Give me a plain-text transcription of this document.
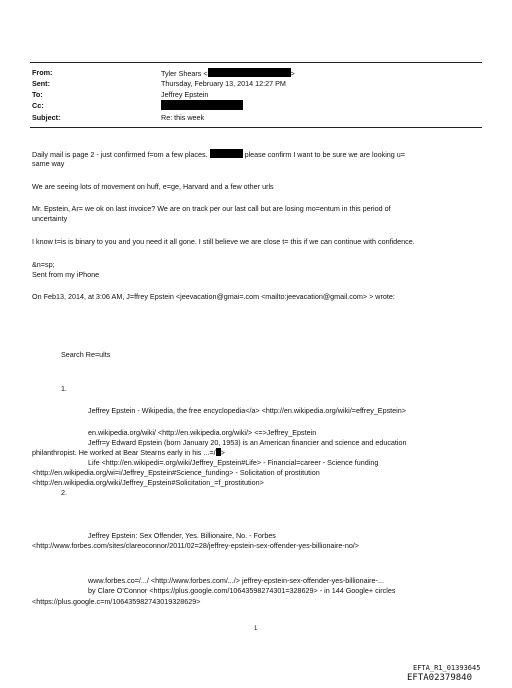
From:	Tyler Shears <	>
Sent:	Thursday, February 13, 2014 12:27 PM
To:	Jeffrey Epstein
Cc:
Subject:	Re: this week
Daily mail is page 2 - just confirmed f=om a few places.	please confirm I want to be sure we are looking u=
same way
We are seeing lots of movement on huff, e=ge, Harvard and a few other urls
Mr. Epstein, Ar= we ok on last invoice? We are on track per our last call but are losing mo=entum in this period of
uncertainty
I know t=is is binary to you and you need it all gone. I still believe we are close t= this if we can continue with confidence.
&n=sp;
Sent from my iPhone
On Feb13, 2014, at 3:06 AM, J=ffrey Epstein <jeevacation@gmai=.com <mailto:jeevacation@gmail.com> > wrote:
Search Re=ults
1.
Jeffrey Epstein - Wikipedia, the free encyclopedia</a> <http://en.wikipedia.org/wiki/=effrey_Epstein>
en.wikipedia.org/wiki/ <http://en.wikipedia.org/wiki/> <=>Jeffrey_Epstein
Jeffr=y Edward Epstein (born January 20, 1953) is an American financier and science and education
philanthropist. He worked at Bear Stearns early in his ...=/ >
Life <http://en.wikipedi=.org/wiki/Jeffrey_Epstein#Life> - Financial=career - Science funding
<http://en.wikipedia.org/wi=i/Jeffrey_Epstein#Science_funding> - Solicitation of prostitution
<http://en.wikipedia.org/wiki/Jeffrey_Epstein#Solicitation_=f_prostitution>
2.
Jeffrey Epstein: Sex Offender, Yes. Billionaire, No. - Forbes
<http://www.forbes.com/sites/clareoconnor/2011/02=28/jeffrey-epstein-sex-offender-yes-billionaire-no/>
www.forbes.co=/.../ <http://www.forbes.com/.../> jeffrey-epstein-sex-offender-yes-billionaire-...
by Clare O'Connor <https://plus.google.com/10643598274301=328629> - in 144 Google+ circles
<https://plus.google.c=m/106435982743019328629>
1
EFTA_R1_01393645
EFTA02379840
